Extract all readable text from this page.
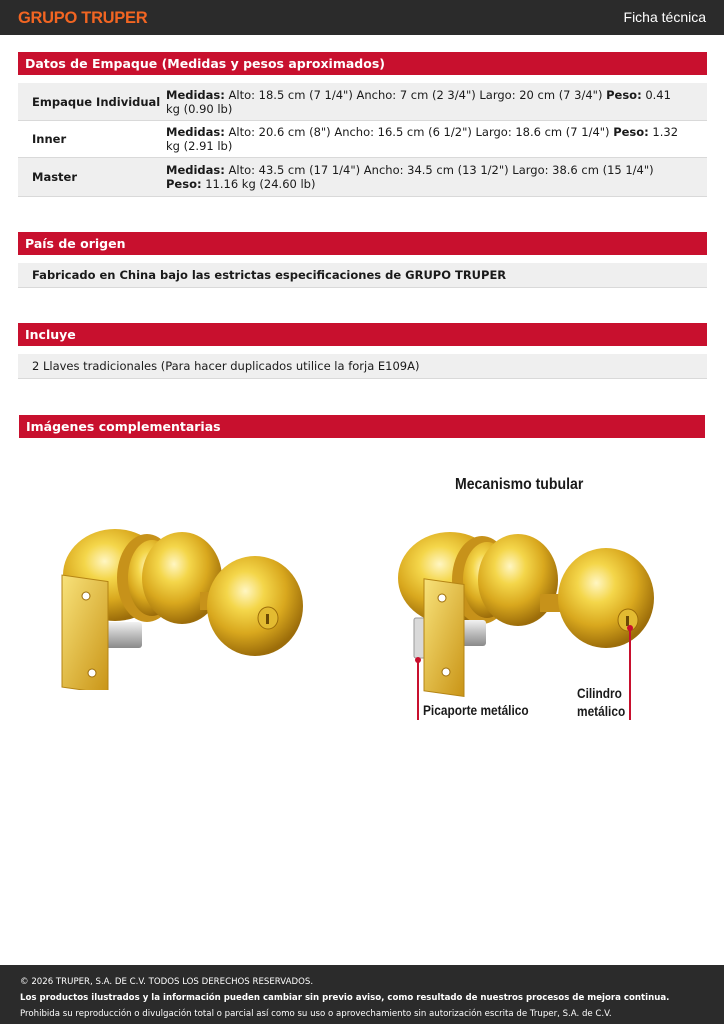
GRUPO TRUPER	Ficha técnica
Datos de Empaque (Medidas y pesos aproximados)
Empaque Individual Medidas: Alto: 18.5 cm (7 1/4") Ancho: 7 cm (2 3/4") Largo: 20 cm (7 3/4") Peso: 0.41 kg (0.90 lb)
Inner	Medidas: Alto: 20.6 cm (8") Ancho: 16.5 cm (6 1/2") Largo: 18.6 cm (7 1/4") Peso: 1.32 kg (2.91 lb)
Master	Medidas: Alto: 43.5 cm (17 1/4") Ancho: 34.5 cm (13 1/2") Largo: 38.6 cm (15 1/4") Peso: 11.16 kg (24.60 lb)
País de origen
Fabricado en China bajo las estrictas especificaciones de GRUPO TRUPER
Incluye
2 Llaves tradicionales (Para hacer duplicados utilice la forja E109A)
Imágenes complementarias
Mecanismo tubular
Picaporte metálico
Cilindro
metálico
© 2026 TRUPER, S.A. DE C.V. TODOS LOS DERECHOS RESERVADOS.
Los productos ilustrados y la información pueden cambiar sin previo aviso, como resultado de nuestros procesos de mejora continua.
Prohibida su reproducción o divulgación total o parcial así como su uso o aprovechamiento sin autorización escrita de Truper, S.A. de C.V.
